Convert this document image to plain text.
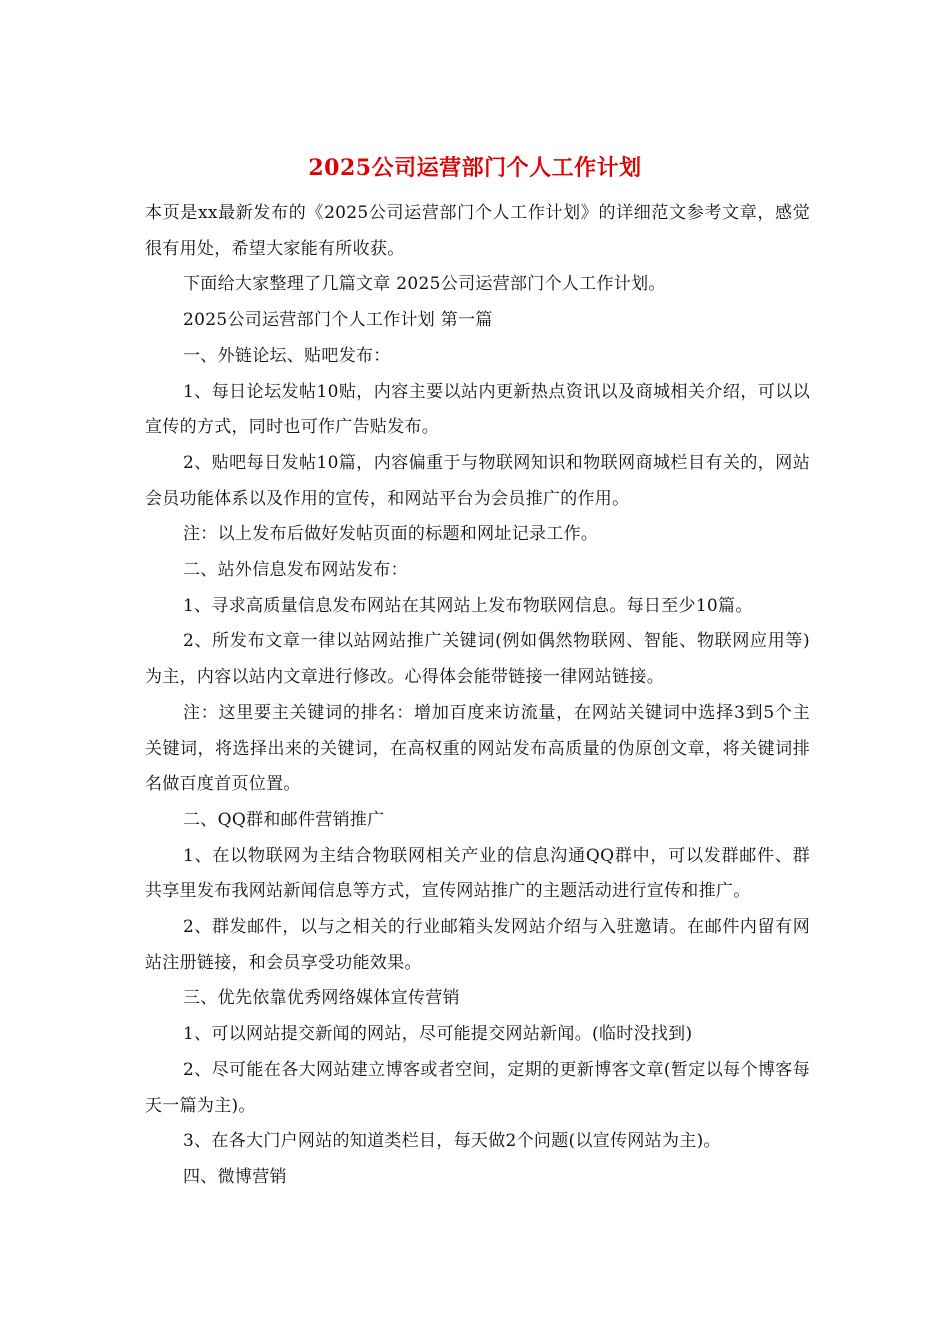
2025公司运营部门个人工作计划

本页是xx最新发布的《2025公司运营部门个人工作计划》的详细范文参考文章，感觉很有用处，希望大家能有所收获。

下面给大家整理了几篇文章 2025公司运营部门个人工作计划。

2025公司运营部门个人工作计划 第一篇

一、外链论坛、贴吧发布：

1、每日论坛发帖10贴，内容主要以站内更新热点资讯以及商城相关介绍，可以以宣传的方式，同时也可作广告贴发布。

2、贴吧每日发帖10篇，内容偏重于与物联网知识和物联网商城栏目有关的，网站会员功能体系以及作用的宣传，和网站平台为会员推广的作用。

注：以上发布后做好发帖页面的标题和网址记录工作。

二、站外信息发布网站发布：

1、寻求高质量信息发布网站在其网站上发布物联网信息。每日至少10篇。

2、所发布文章一律以站网站推广关键词(例如偶然物联网、智能、物联网应用等)为主，内容以站内文章进行修改。心得体会能带链接一律网站链接。

注：这里要主关键词的排名：增加百度来访流量，在网站关键词中选择3到5个主关键词，将选择出来的关键词，在高权重的网站发布高质量的伪原创文章，将关键词排名做百度首页位置。

二、QQ群和邮件营销推广

1、在以物联网为主结合物联网相关产业的信息沟通QQ群中，可以发群邮件、群共享里发布我网站新闻信息等方式，宣传网站推广的主题活动进行宣传和推广。

2、群发邮件，以与之相关的行业邮箱头发网站介绍与入驻邀请。在邮件内留有网站注册链接，和会员享受功能效果。

三、优先依靠优秀网络媒体宣传营销

1、可以网站提交新闻的网站，尽可能提交网站新闻。(临时没找到)

2、尽可能在各大网站建立博客或者空间，定期的更新博客文章(暂定以每个博客每天一篇为主)。

3、在各大门户网站的知道类栏目，每天做2个问题(以宣传网站为主)。

四、微博营销
